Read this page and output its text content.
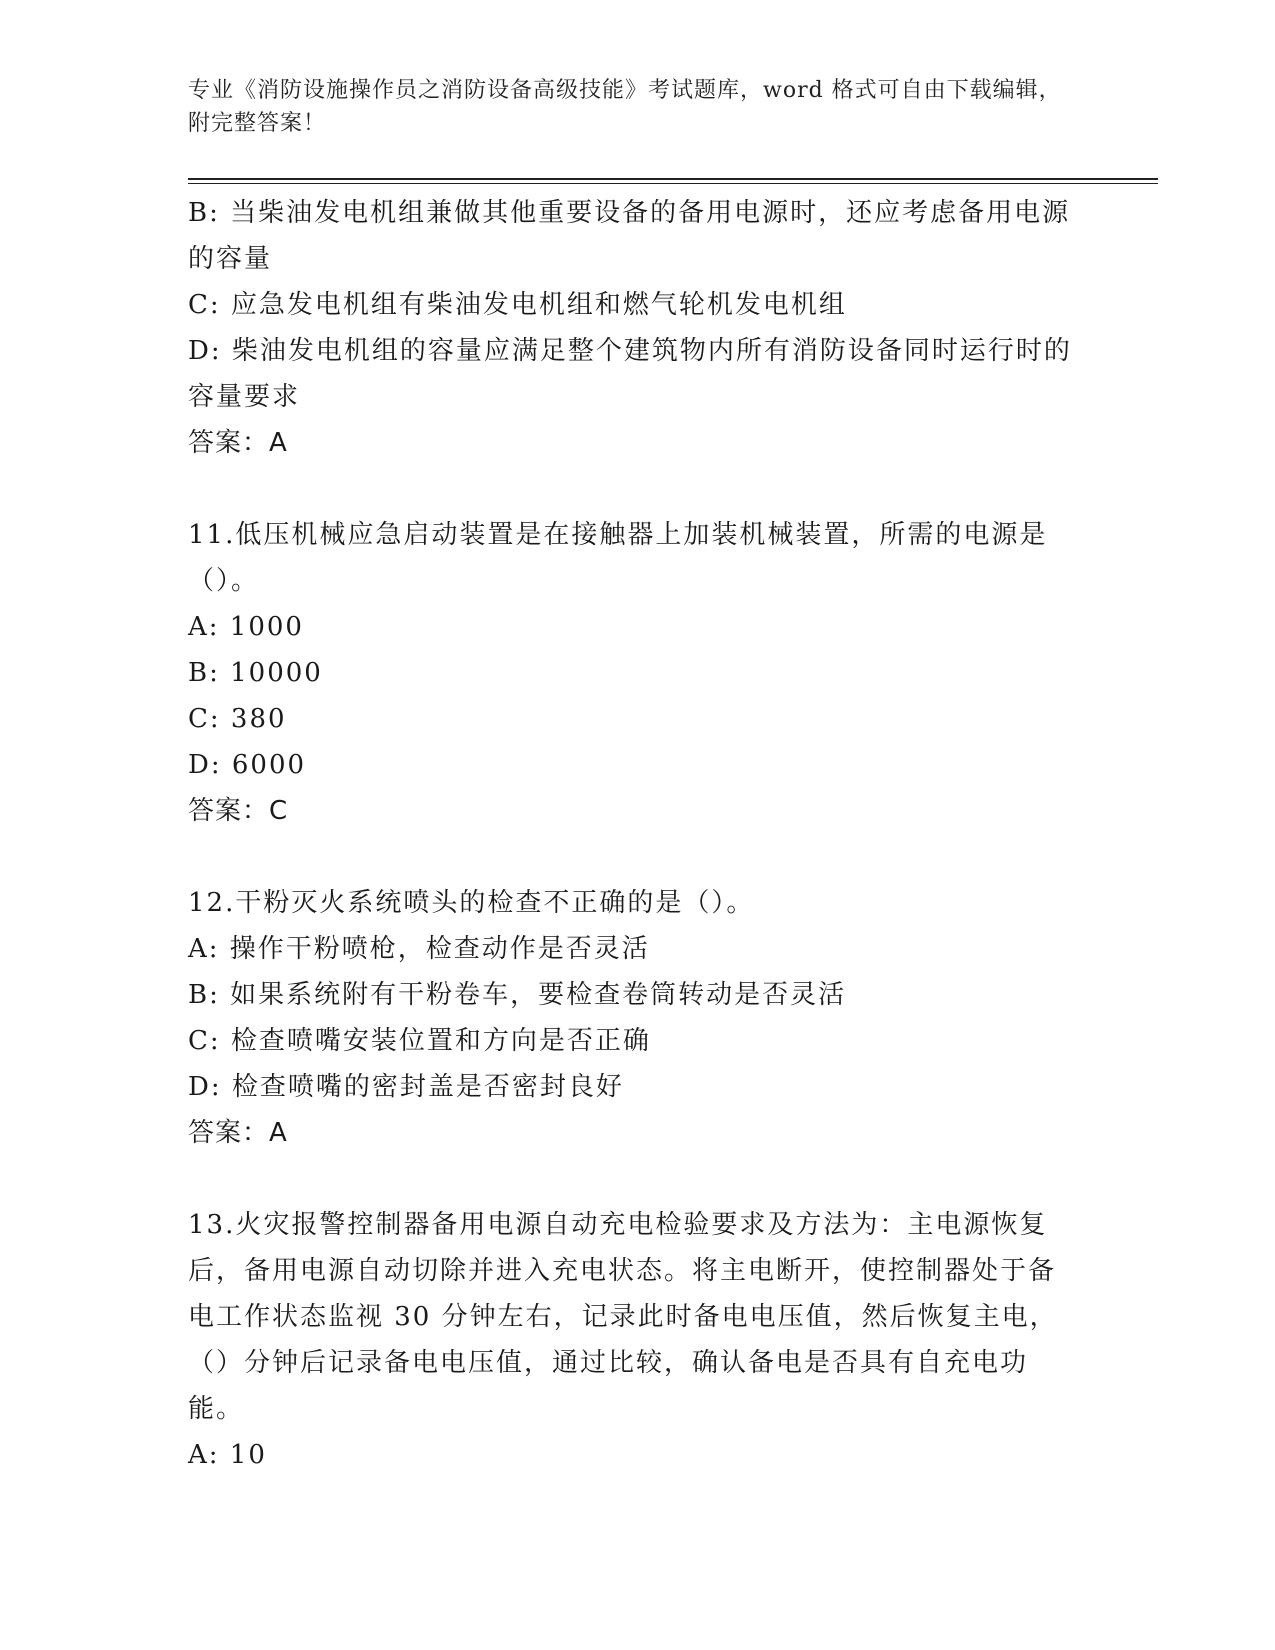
专业《消防设施操作员之消防设备高级技能》考试题库，word 格式可自由下载编辑，附完整答案！

B: 当柴油发电机组兼做其他重要设备的备用电源时，还应考虑备用电源的容量

C: 应急发电机组有柴油发电机组和燃气轮机发电机组

D: 柴油发电机组的容量应满足整个建筑物内所有消防设备同时运行时的容量要求

答案：A

11.低压机械应急启动装置是在接触器上加装机械装置，所需的电源是（）。

A: 1000

B: 10000

C: 380

D: 6000

答案：C

12.干粉灭火系统喷头的检查不正确的是（）。

A: 操作干粉喷枪，检查动作是否灵活

B: 如果系统附有干粉卷车，要检查卷筒转动是否灵活

C: 检查喷嘴安装位置和方向是否正确

D: 检查喷嘴的密封盖是否密封良好

答案：A

13.火灾报警控制器备用电源自动充电检验要求及方法为：主电源恢复后，备用电源自动切除并进入充电状态。将主电断开，使控制器处于备电工作状态监视 30 分钟左右，记录此时备电电压值，然后恢复主电，（）分钟后记录备电电压值，通过比较，确认备电是否具有自充电功能。

A: 10
